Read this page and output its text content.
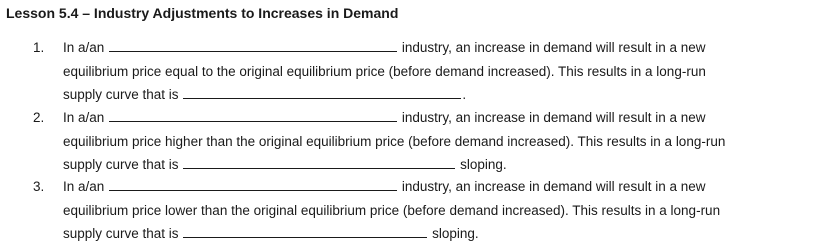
Lesson 5.4 – Industry Adjustments to Increases in Demand
1. In a/an	industry, an increase in demand will result in a new
equilibrium price equal to the original equilibrium price (before demand increased). This results in a long-run
supply curve that is	.
2. In a/an	industry, an increase in demand will result in a new
equilibrium price higher than the original equilibrium price (before demand increased). This results in a long-run
supply curve that is	sloping.
3. In a/an	industry, an increase in demand will result in a new
equilibrium price lower than the original equilibrium price (before demand increased). This results in a long-run
supply curve that is	sloping.
